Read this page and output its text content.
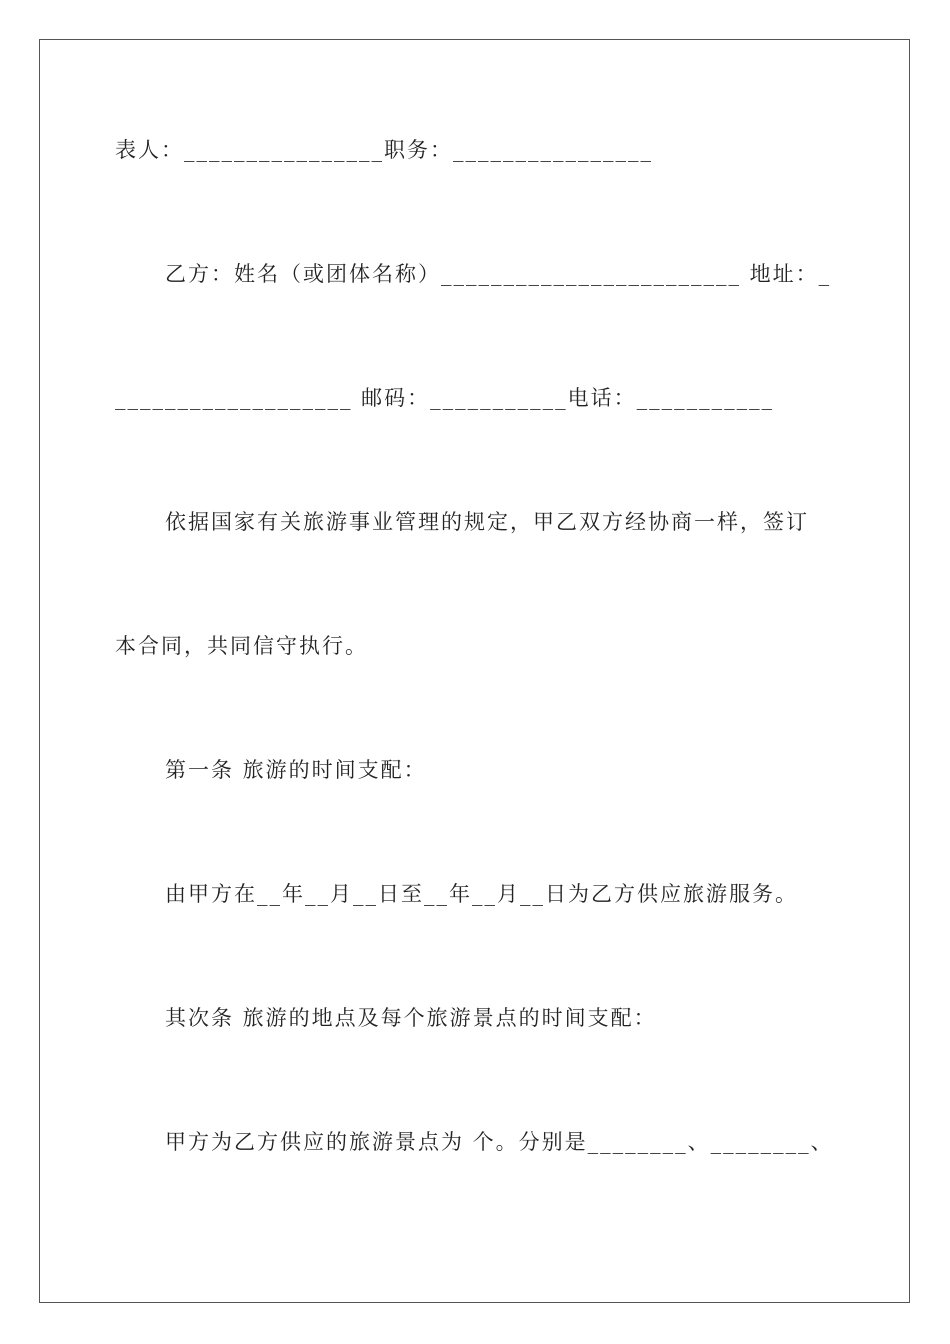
表人：________________职务：________________
乙方：姓名（或团体名称）________________________ 地址：_
___________________ 邮码：___________电话：___________
依据国家有关旅游事业管理的规定，甲乙双方经协商一样，签订
本合同，共同信守执行。
第一条 旅游的时间支配：
由甲方在__年__月__日至__年__月__日为乙方供应旅游服务。
其次条 旅游的地点及每个旅游景点的时间支配：
甲方为乙方供应的旅游景点为 个。分别是________、________、
